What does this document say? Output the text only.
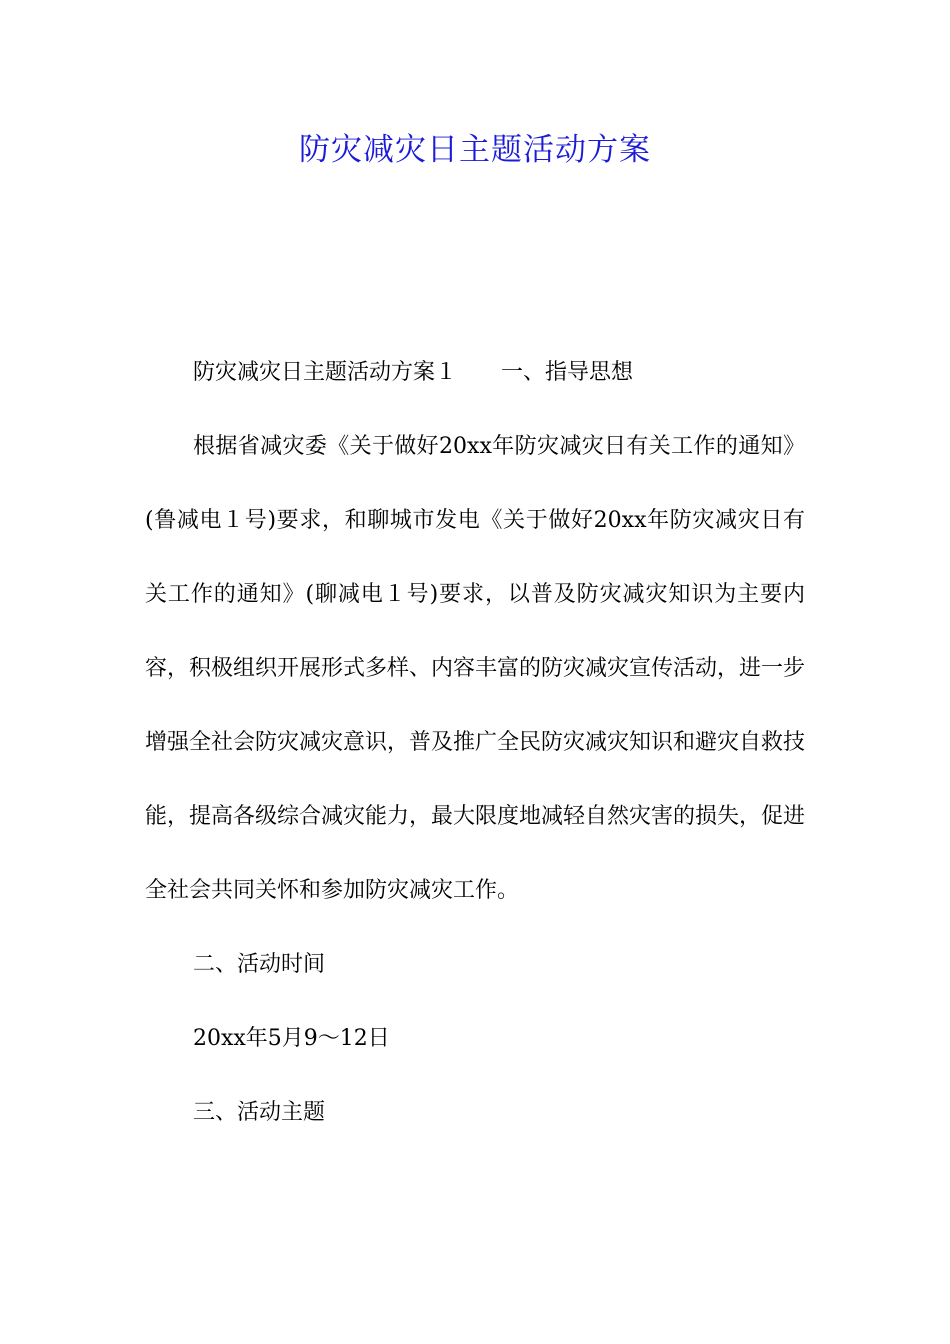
防灾减灾日主题活动方案

防灾减灾日主题活动方案１　　一、指导思想

根据省减灾委《关于做好20xx年防灾减灾日有关工作的通知》(鲁减电１号)要求，和聊城市发电《关于做好20xx年防灾减灾日有关工作的通知》(聊减电１号)要求，以普及防灾减灾知识为主要内容，积极组织开展形式多样、内容丰富的防灾减灾宣传活动，进一步增强全社会防灾减灾意识，普及推广全民防灾减灾知识和避灾自救技能，提高各级综合减灾能力，最大限度地减轻自然灾害的损失，促进全社会共同关怀和参加防灾减灾工作。

二、活动时间

20xx年5月9～12日

三、活动主题
